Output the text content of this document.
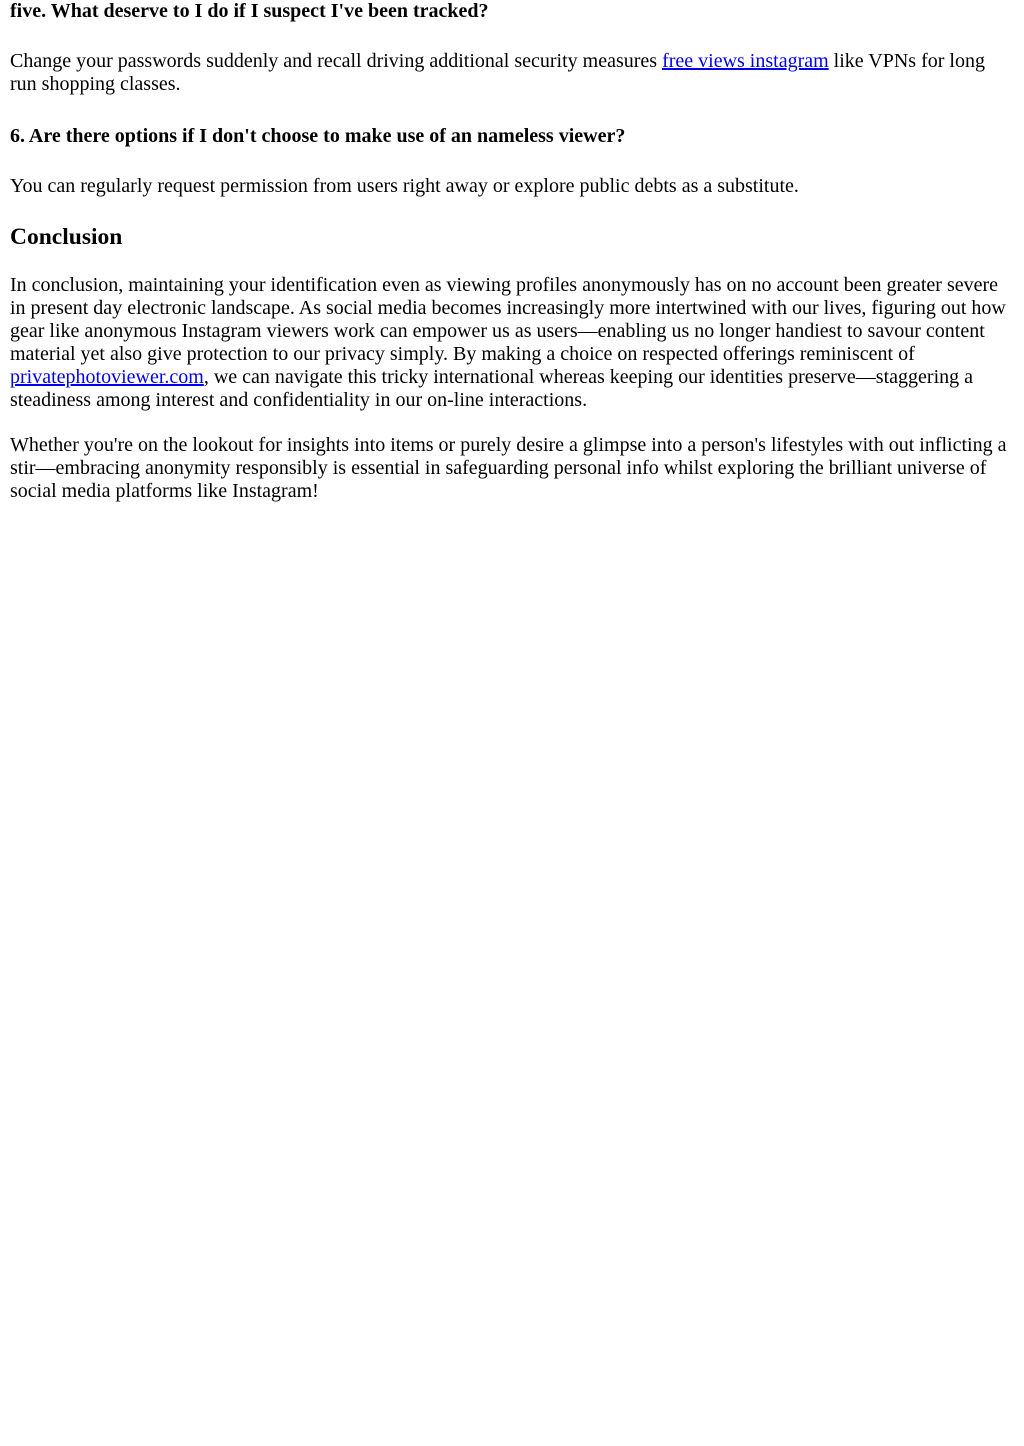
five. What deserve to I do if I suspect I've been tracked?

Change your passwords suddenly and recall driving additional security measures free views instagram like VPNs for long run shopping classes.

6. Are there options if I don't choose to make use of an nameless viewer?

You can regularly request permission from users right away or explore public debts as a substitute.

Conclusion

In conclusion, maintaining your identification even as viewing profiles anonymously has on no account been greater severe in present day electronic landscape. As social media becomes increasingly more intertwined with our lives, figuring out how gear like anonymous Instagram viewers work can empower us as users—enabling us no longer handiest to savour content material yet also give protection to our privacy simply. By making a choice on respected offerings reminiscent of privatephotoviewer.com, we can navigate this tricky international whereas keeping our identities preserve—staggering a steadiness among interest and confidentiality in our on-line interactions.

Whether you're on the lookout for insights into items or purely desire a glimpse into a person's lifestyles with out inflicting a stir—embracing anonymity responsibly is essential in safeguarding personal info whilst exploring the brilliant universe of social media platforms like Instagram!
